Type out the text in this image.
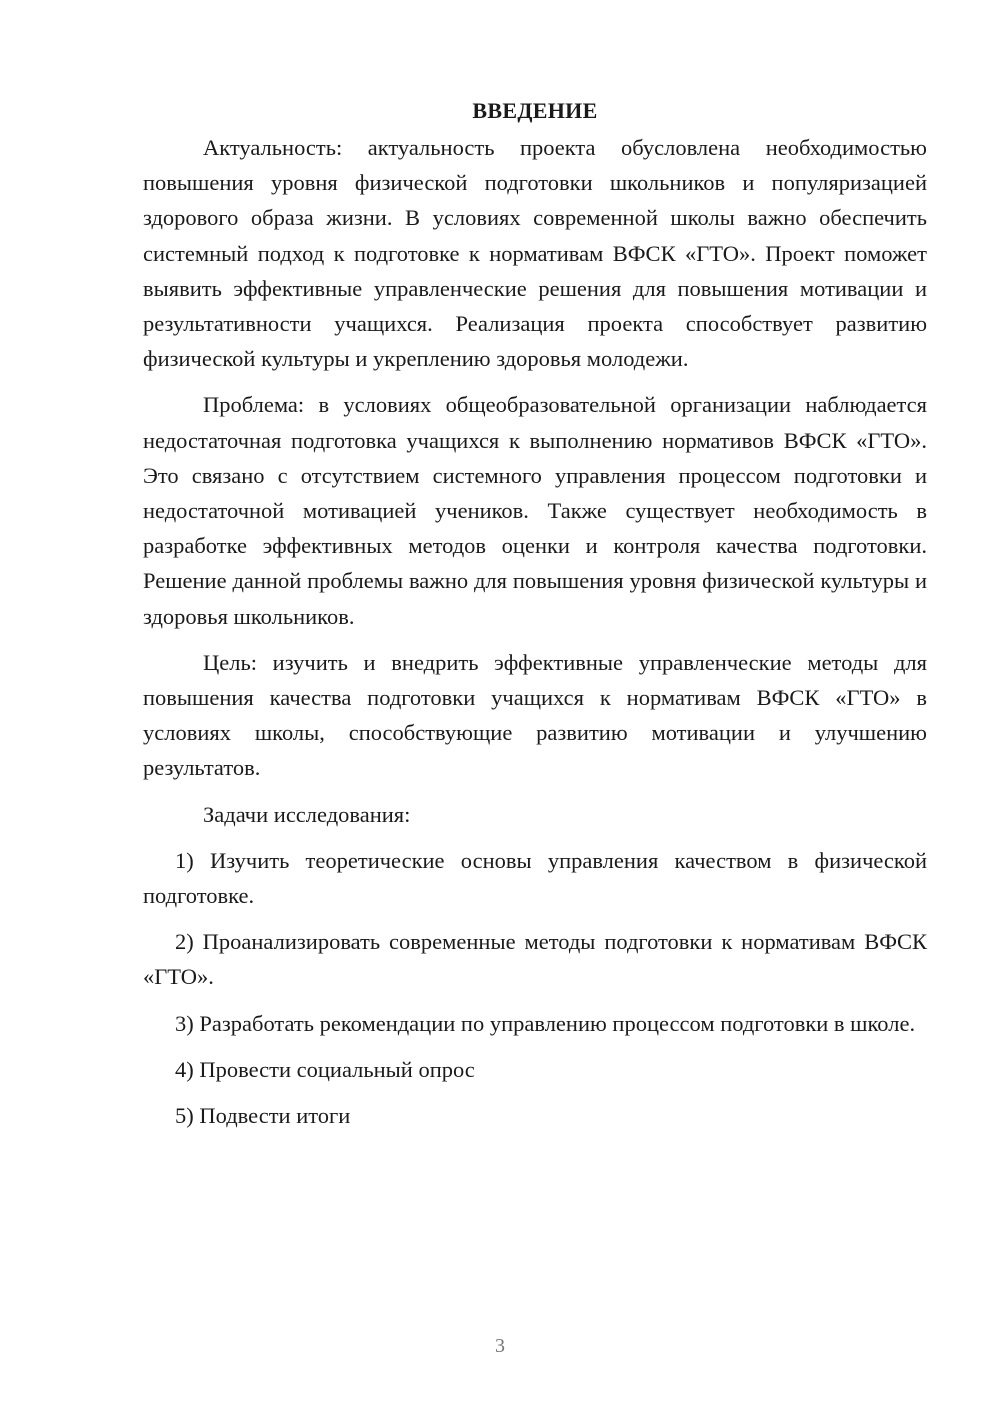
ВВЕДЕНИЕ

Актуальность: актуальность проекта обусловлена необходимостью повышения уровня физической подготовки школьников и популяризацией здорового образа жизни. В условиях современной школы важно обеспечить системный подход к подготовке к нормативам ВФСК «ГТО». Проект поможет выявить эффективные управленческие решения для повышения мотивации и результативности учащихся. Реализация проекта способствует развитию физической культуры и укреплению здоровья молодежи.

Проблема: в условиях общеобразовательной организации наблюдается недостаточная подготовка учащихся к выполнению нормативов ВФСК «ГТО». Это связано с отсутствием системного управления процессом подготовки и недостаточной мотивацией учеников. Также существует необходимость в разработке эффективных методов оценки и контроля качества подготовки. Решение данной проблемы важно для повышения уровня физической культуры и здоровья школьников.

Цель: изучить и внедрить эффективные управленческие методы для повышения качества подготовки учащихся к нормативам ВФСК «ГТО» в условиях школы, способствующие развитию мотивации и улучшению результатов.

Задачи исследования:

1) Изучить теоретические основы управления качеством в физической подготовке.

2) Проанализировать современные методы подготовки к нормативам ВФСК «ГТО».

3) Разработать рекомендации по управлению процессом подготовки в школе.

4) Провести социальный опрос

5) Подвести итоги

3
